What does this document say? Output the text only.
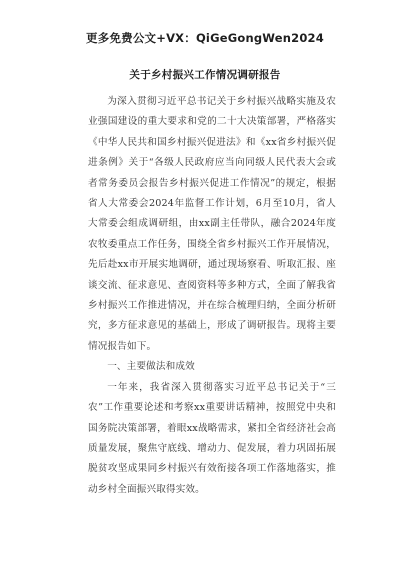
更多免费公文+VX：QiGeGongWen2024
关于乡村振兴工作情况调研报告

为深入贯彻习近平总书记关于乡村振兴战略实施及农业强国建设的重大要求和党的二十大决策部署，严格落实《中华人民共和国乡村振兴促进法》和《xx省乡村振兴促进条例》关于“各级人民政府应当向同级人民代表大会或者常务委员会报告乡村振兴促进工作情况”的规定，根据省人大常委会2024年监督工作计划，6月至10月，省人大常委会组成调研组，由xx副主任带队，融合2024年度农牧委重点工作任务，围绕全省乡村振兴工作开展情况，先后赴xx市开展实地调研，通过现场察看、听取汇报、座谈交流、征求意见、查阅资料等多种方式，全面了解我省乡村振兴工作推进情况，并在综合梳理归纳，全面分析研究，多方征求意见的基础上，形成了调研报告。现将主要情况报告如下。

一、主要做法和成效

一年来，我省深入贯彻落实习近平总书记关于“三农”工作重要论述和考察xx重要讲话精神，按照党中央和国务院决策部署，着眼xx战略需求，紧扣全省经济社会高质量发展，聚焦守底线、增动力、促发展，着力巩固拓展脱贫攻坚成果同乡村振兴有效衔接各项工作落地落实，推动乡村全面振兴取得实效。
